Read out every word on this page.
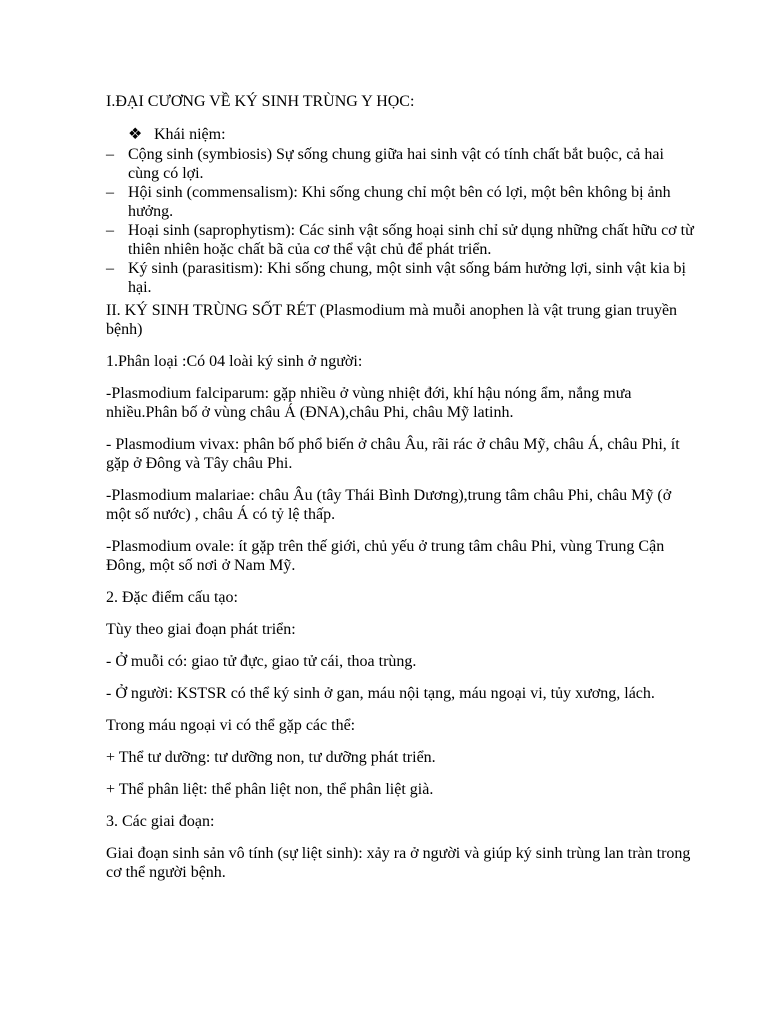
I.ĐẠI CƯƠNG VỀ KÝ SINH TRÙNG Y HỌC:

❖ Khái niệm:

– Cộng sinh (symbiosis) Sự sống chung giữa hai sinh vật có tính chất bắt buộc, cả hai cùng có lợi.

– Hội sinh (commensalism): Khi sống chung chỉ một bên có lợi, một bên không bị ảnh hưởng.

– Hoại sinh (saprophytism): Các sinh vật sống hoại sinh chỉ sử dụng những chất hữu cơ từ thiên nhiên hoặc chất bã của cơ thể vật chủ để phát triển.

– Ký sinh (parasitism): Khi sống chung, một sinh vật sống bám hưởng lợi, sinh vật kia bị hại.

II. KÝ SINH TRÙNG SỐT RÉT (Plasmodium mà muỗi anophen là vật trung gian truyền bệnh)

1.Phân loại :Có 04 loài ký sinh ở người:

-Plasmodium falciparum: gặp nhiều ở vùng nhiệt đới, khí hậu nóng ẩm, nắng mưa nhiều.Phân bố ở vùng châu Á (ĐNA),châu Phi, châu Mỹ latinh.

- Plasmodium vivax: phân bố phổ biến ở châu Âu, rãi rác ở châu Mỹ, châu Á, châu Phi, ít gặp ở Đông và Tây châu Phi.

-Plasmodium malariae: châu Âu (tây Thái Bình Dương),trung tâm châu Phi, châu Mỹ (ở một số nước) , châu Á có tỷ lệ thấp.

-Plasmodium ovale: ít gặp trên thế giới, chủ yếu ở trung tâm châu Phi, vùng Trung Cận Đông, một số nơi ở Nam Mỹ.

2. Đặc điểm cấu tạo:

Tùy theo giai đoạn phát triển:

- Ở muỗi có: giao tử đực, giao tử cái, thoa trùng.

- Ở người: KSTSR có thể ký sinh ở gan, máu nội tạng, máu ngoại vi, tủy xương, lách.

Trong máu ngoại vi có thể gặp các thể:

+ Thể tư dưỡng: tư dưỡng non, tư dưỡng phát triển.

+ Thể phân liệt: thể phân liệt non, thể phân liệt già.

3. Các giai đoạn:

Giai đoạn sinh sản vô tính (sự liệt sinh): xảy ra ở người và giúp ký sinh trùng lan tràn trong cơ thể người bệnh.
